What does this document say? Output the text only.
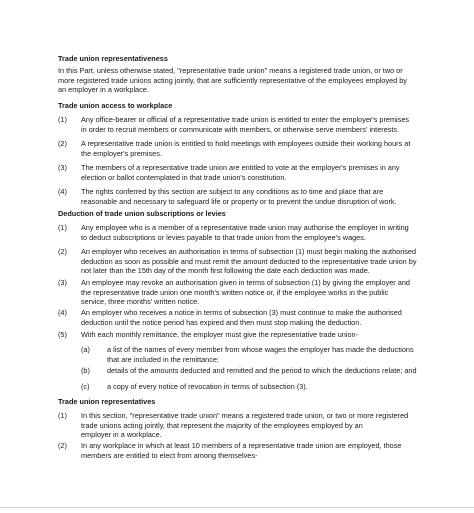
Trade union representativeness
In this Part, unless otherwise stated, "representative trade union" means a registered trade union, or two or
more registered trade unions acting jointly, that are sufficiently representative of the employees employed by
an employer in a workplace.
Trade union access to workplace
(1) Any office-bearer or official of a representative trade union is entitled to enter the employer's premises
in order to recruit members or communicate with members, or otherwise serve members' interests.
(2) A representative trade union is entitled to hold meetings with employees outside their working hours at
the employer's premises.
(3) The members of a representative trade union are entitled to vote at the employer's premises in any
election or ballot contemplated in that trade union's constitution.
(4) The rights conferred by this section are subject to any conditions as to time and place that are
reasonable and necessary to safeguard life or property or to prevent the undue disruption of work.
Deduction of trade union subscriptions or levies
(1) Any employee who is a member of a representative trade union may authorise the employer in writing
to deduct subscriptions or levies payable to that trade union from the employee's wages.
(2) An employer who receives an authorisation in terms of subsection (1) must begin making the authorised
deduction as soon as possible and must remit the amount deducted to the representative trade union by
not later than the 15th day of the month first following the date each deduction was made.
(3) An employee may revoke an authorisation given in terms of subsection (1) by giving the employer and
the representative trade union one month's written notice or, if the employee works in the public
service, three months' written notice.
(4) An employer who receives a notice in terms of subsection (3) must continue to make the authorised
deduction until the notice period has expired and then must stop making the deduction.
(5) With each monthly remittance, the employer must give the representative trade union-
(a) a list of the names of every member from whose wages the employer has made the deductions
that are included in the remittance;
(b) details of the amounts deducted and remitted and the period to which the deductions relate; and
(c) a copy of every notice of revocation in terms of subsection (3).
Trade union representatives
(1) In this section, "representative trade union" means a registered trade union, or two or more registered
trade unions acting jointly, that represent the majority of the employees employed by an
employer in a workplace.
(2) In any workplace in which at least 10 members of a representative trade union are employed, those
members are entitled to elect from among themselves-
